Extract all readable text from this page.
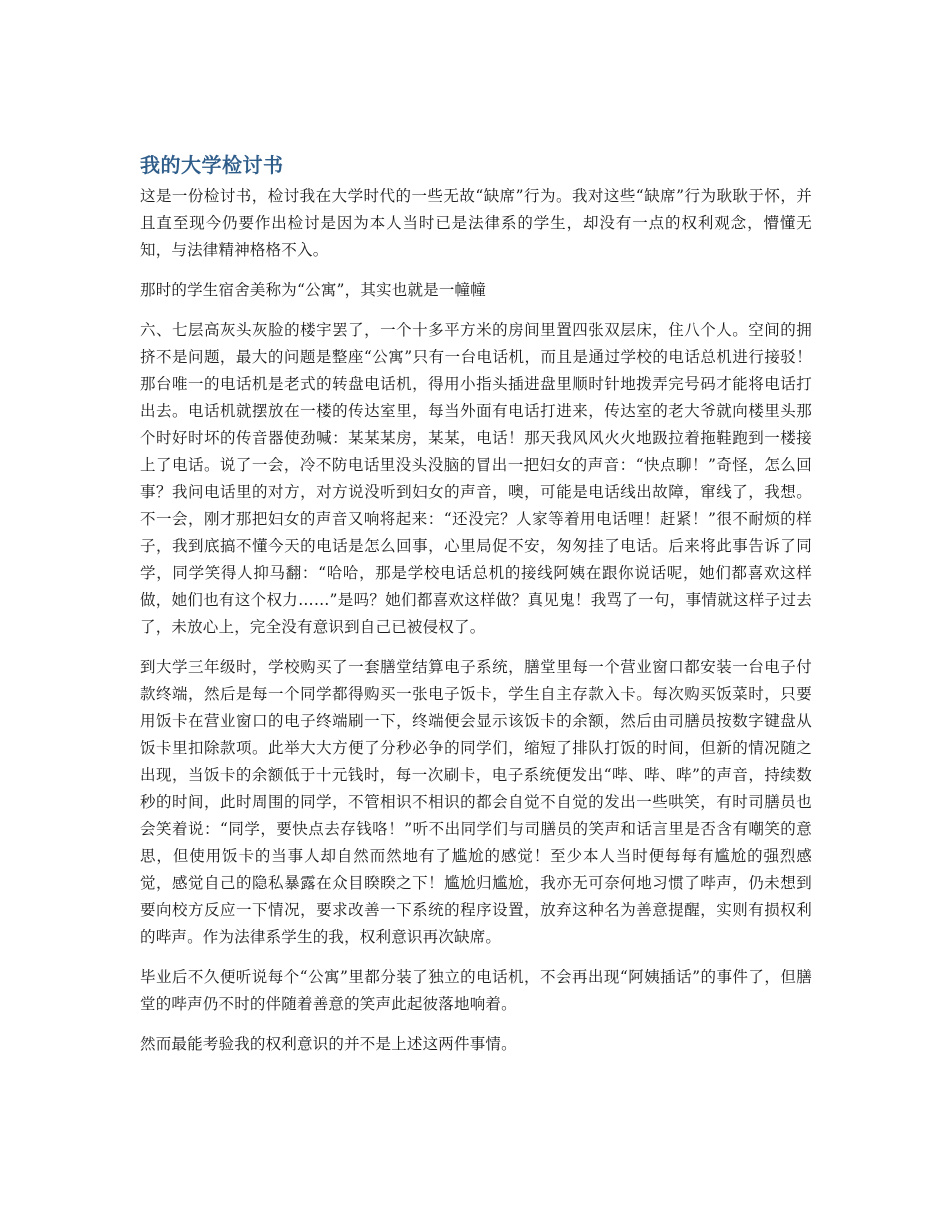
我的大学检讨书

这是一份检讨书，检讨我在大学时代的一些无故“缺席”行为。我对这些“缺席”行为耿耿于怀，并且直至现今仍要作出检讨是因为本人当时已是法律系的学生，却没有一点的权利观念，懵懂无知，与法律精神格格不入。

那时的学生宿舍美称为“公寓”，其实也就是一幢幢

六、七层高灰头灰脸的楼宇罢了，一个十多平方米的房间里置四张双层床，住八个人。空间的拥挤不是问题，最大的问题是整座“公寓”只有一台电话机，而且是通过学校的电话总机进行接驳！那台唯一的电话机是老式的转盘电话机，得用小指头插进盘里顺时针地拨弄完号码才能将电话打出去。电话机就摆放在一楼的传达室里，每当外面有电话打进来，传达室的老大爷就向楼里头那个时好时坏的传音器使劲喊：某某某房，某某，电话！那天我风风火火地趿拉着拖鞋跑到一楼接上了电话。说了一会，冷不防电话里没头没脑的冒出一把妇女的声音：“快点聊！”奇怪，怎么回事？我问电话里的对方，对方说没听到妇女的声音，噢，可能是电话线出故障，窜线了，我想。不一会，刚才那把妇女的声音又响将起来：“还没完？人家等着用电话哩！赶紧！”很不耐烦的样子，我到底搞不懂今天的电话是怎么回事，心里局促不安，匆匆挂了电话。后来将此事告诉了同学，同学笑得人抑马翻：“哈哈，那是学校电话总机的接线阿姨在跟你说话呢，她们都喜欢这样做，她们也有这个权力……”是吗？她们都喜欢这样做？真见鬼！我骂了一句，事情就这样子过去了，未放心上，完全没有意识到自己已被侵权了。

到大学三年级时，学校购买了一套膳堂结算电子系统，膳堂里每一个营业窗口都安装一台电子付款终端，然后是每一个同学都得购买一张电子饭卡，学生自主存款入卡。每次购买饭菜时，只要用饭卡在营业窗口的电子终端刷一下，终端便会显示该饭卡的余额，然后由司膳员按数字键盘从饭卡里扣除款项。此举大大方便了分秒必争的同学们，缩短了排队打饭的时间，但新的情况随之出现，当饭卡的余额低于十元钱时，每一次刷卡，电子系统便发出“哔、哔、哔”的声音，持续数秒的时间，此时周围的同学，不管相识不相识的都会自觉不自觉的发出一些哄笑，有时司膳员也会笑着说：“同学，要快点去存钱咯！”听不出同学们与司膳员的笑声和话言里是否含有嘲笑的意思，但使用饭卡的当事人却自然而然地有了尴尬的感觉！至少本人当时便每每有尴尬的强烈感觉，感觉自己的隐私暴露在众目睽睽之下！尴尬归尴尬，我亦无可奈何地习惯了哔声，仍未想到要向校方反应一下情况，要求改善一下系统的程序设置，放弃这种名为善意提醒，实则有损权利的哔声。作为法律系学生的我，权利意识再次缺席。

毕业后不久便听说每个“公寓”里都分装了独立的电话机，不会再出现“阿姨插话”的事件了，但膳堂的哔声仍不时的伴随着善意的笑声此起彼落地响着。

然而最能考验我的权利意识的并不是上述这两件事情。
